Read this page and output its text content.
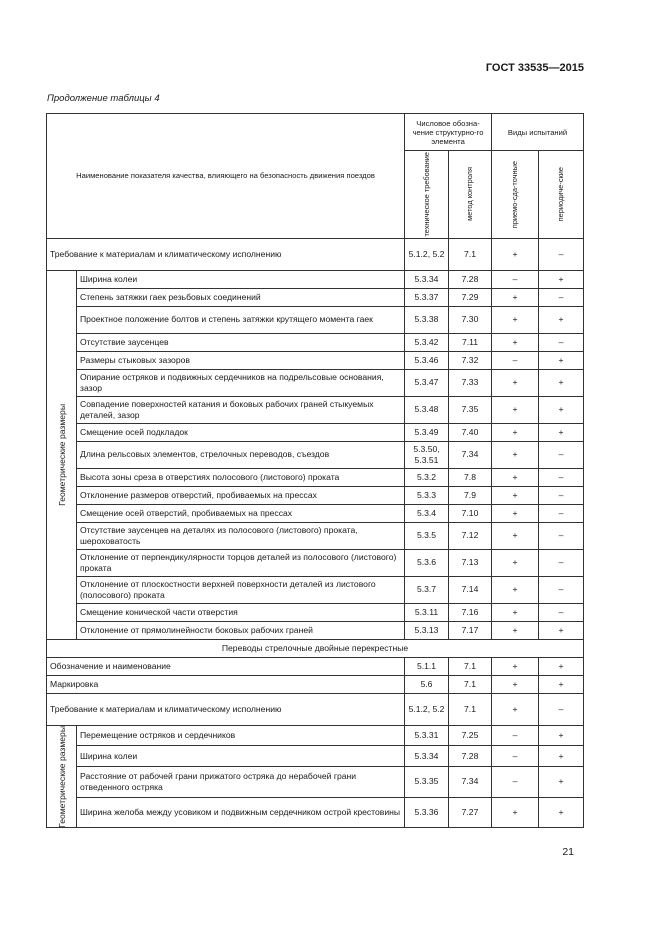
ГОСТ 33535—2015
Продолжение таблицы 4
Наименование показателя качества, влияющего на безопасность движения поездов		Числовое обозна-чение структурно-го элемента		Виды испытаний	

		техническое требование	метод контроля	приемо-сда-точные	периодиче-ские

Требование к материалам и климатическому исполнению		5.1.2, 5.2	7.1	+	–

Геометрические размеры	Ширина колеи	5.3.34	7.28	–	+
	Степень затяжки гаек резьбовых соединений	5.3.37	7.29	+	–
	Проектное положение болтов и степень затяжки крутящего момента гаек	5.3.38	7.30	+	+
	Отсутствие заусенцев	5.3.42	7.11	+	–
	Размеры стыковых зазоров	5.3.46	7.32	–	+
	Опирание остряков и подвижных сердечников на подрельсовые основания, зазор	5.3.47	7.33	+	+
	Совпадение поверхностей катания и боковых рабочих граней стыкуемых деталей, зазор	5.3.48	7.35	+	+
	Смещение осей подкладок	5.3.49	7.40	+	+
	Длина рельсовых элементов, стрелочных переводов, съездов	5.3.50, 5.3.51	7.34	+	–
	Высота зоны среза в отверстиях полосового (листового) проката	5.3.2	7.8	+	–
	Отклонение размеров отверстий, пробиваемых на прессах	5.3.3	7.9	+	–
	Смещение осей отверстий, пробиваемых на прессах	5.3.4	7.10	+	–
	Отсутствие заусенцев на деталях из полосового (листового) проката, шероховатость	5.3.5	7.12	+	–
	Отклонение от перпендикулярности торцов деталей из полосового (листового) проката	5.3.6	7.13	+	–
	Отклонение от плоскостности верхней поверхности деталей из листового (полосового) проката	5.3.7	7.14	+	–
	Смещение конической части отверстия	5.3.11	7.16	+	–
	Отклонение от прямолинейности боковых рабочих граней	5.3.13	7.17	+	+
Переводы стрелочные двойные перекрестные					
Обозначение и наименование		5.1.1	7.1	+	+
Маркировка		5.6	7.1	+	+
Требование к материалам и климатическому исполнению		5.1.2, 5.2	7.1	+	–

Геометрические размеры	Перемещение остряков и сердечников	5.3.31	7.25	–	+
	Ширина колеи	5.3.34	7.28	–	+
	Расстояние от рабочей грани прижатого остряка до нерабочей грани отведенного остряка	5.3.35	7.34	–	+
	Ширина желоба между усовиком и подвижным сердечником острой крестовины	5.3.36	7.27	+	+
21
